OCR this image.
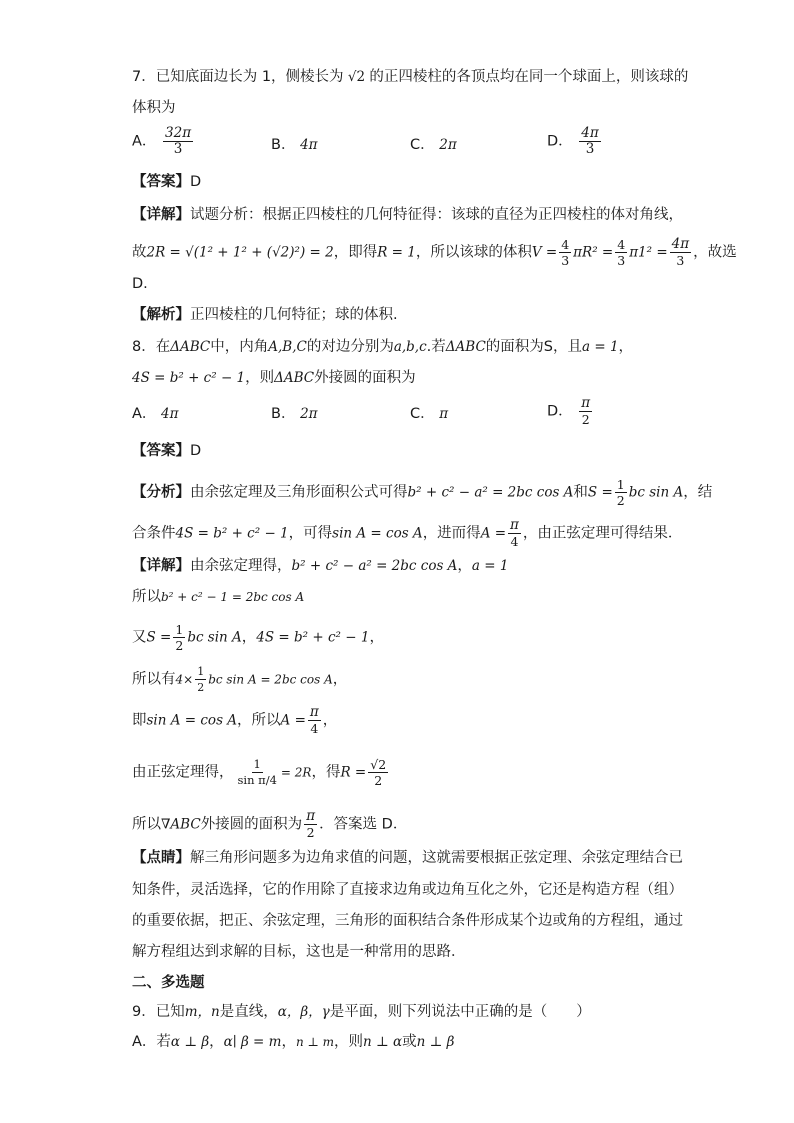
7．已知底面边长为 1，侧棱长为 √2 的正四棱柱的各顶点均在同一个球面上，则该球的
体积为
A． $\frac{32\pi}{3}$	B． 4π	C． 2π	D． $\frac{4\pi}{3}$
【答案】D
【详解】试题分析：根据正四棱柱的几何特征得：该球的直径为正四棱柱的体对角线，
故2R = √(1² + 1² + (√2)²) = 2，即得R = 1，所以该球的体积$V = \frac{4}{3} \pi R^2 = \frac{4}{3} \pi 1^2 = \frac{4\pi}{3}$ ，故选
D.
【解析】正四棱柱的几何特征；球的体积.
8．在ΔABC中，内角A,B,C的对边分别为a,b,c.若ΔABC的面积为S，且a = 1，
4S = b² + c² − 1，则ΔABC外接圆的面积为
A． 4π	B． 2π	C． π	D． $\frac{\pi}{2}$
【答案】D
【分析】由余弦定理及三角形面积公式可得b² + c² − a² = 2bc cos A和$S = \frac{1}{2}$ bc sin A，结
合条件4S = b² + c² − 1，可得sin A = cos A，进而得$A = \frac{\pi}{4}$ ，由正弦定理可得结果．
【详解】由余弦定理得，b² + c² − a² = 2bc cos A，a = 1
所以b² + c² − 1 = 2bc cos A
又$S = \frac{1}{2}$ bc sin A，4S = b² + c² − 1，
所以有$4\times \frac{1}{2}$ bc sin A = 2bc cos A，
即sin A = cos A，所以$A = \frac{\pi}{4}$ ，
由正弦定理得， $\frac{1}{\text{sin π/4}} = 2R$，得$R = \frac{√2}{2}$
所以∇ABC外接圆的面积为 $\frac{\pi}{2}$ ．答案选 D．
【点睛】解三角形问题多为边角求值的问题，这就需要根据正弦定理、余弦定理结合已
知条件，灵活选择，它的作用除了直接求边角或边角互化之外，它还是构造方程（组）
的重要依据，把正、余弦定理，三角形的面积结合条件形成某个边或角的方程组，通过
解方程组达到求解的目标，这也是一种常用的思路．
二、多选题
9．已知m，n是直线，α，β，γ是平面，则下列说法中正确的是（　　）
A．若α ⊥ β，α∣ β = m，n ⊥ m，则n ⊥ α或n ⊥ β
